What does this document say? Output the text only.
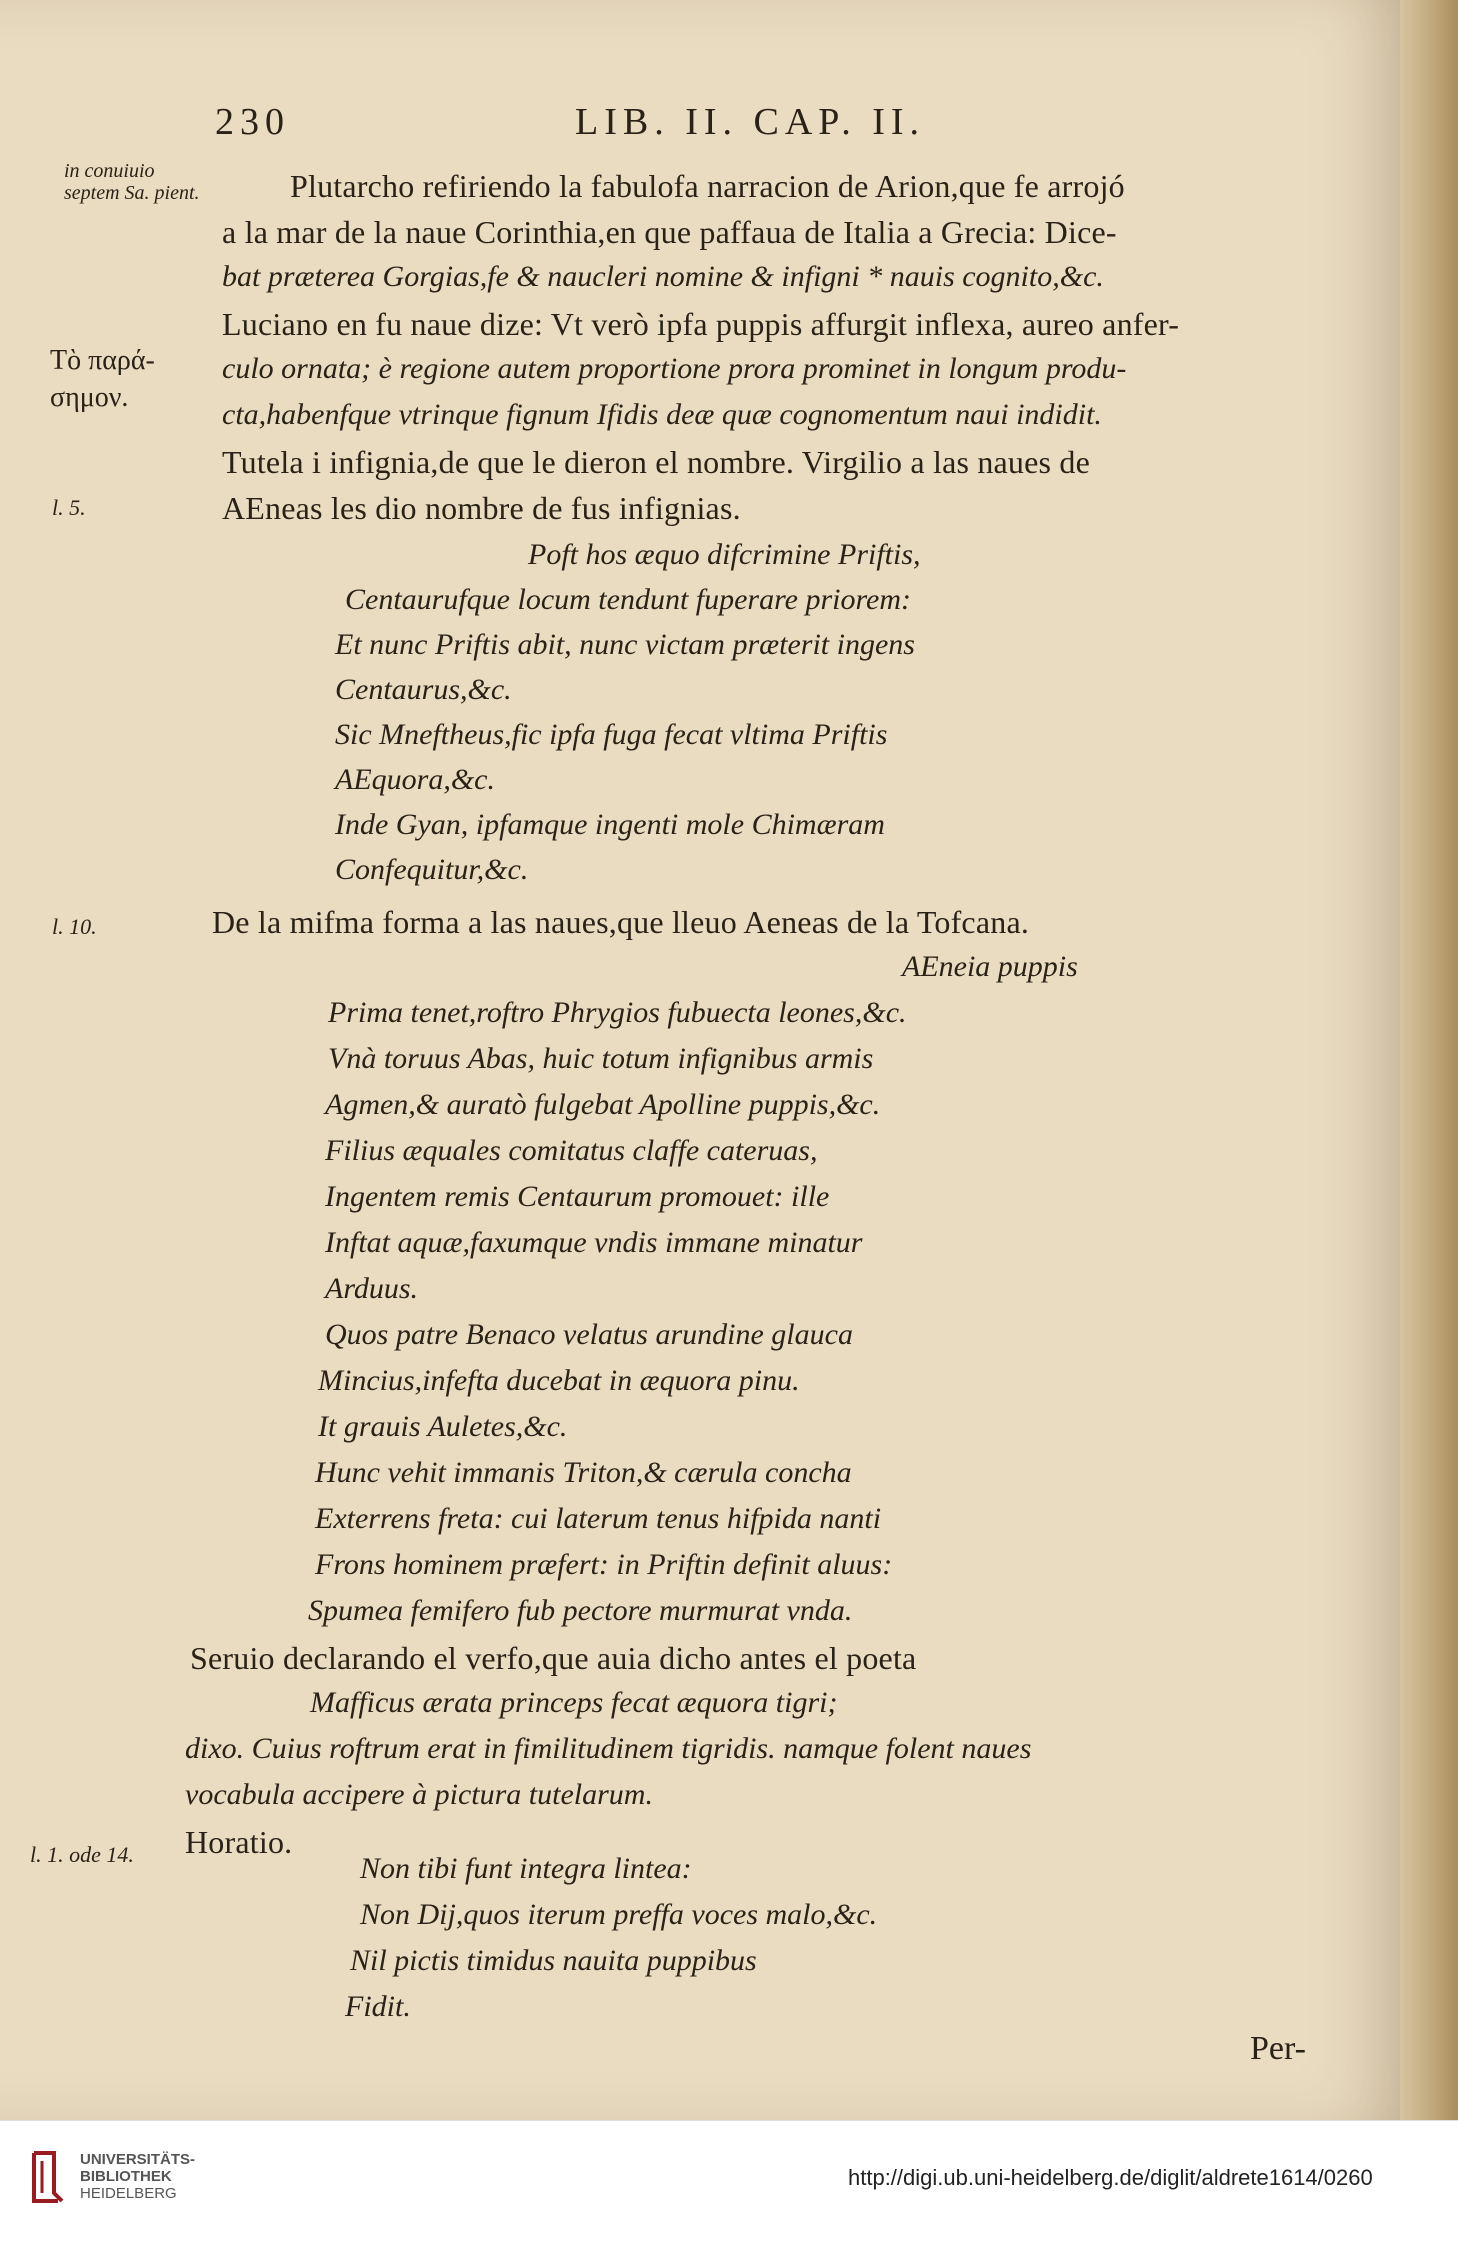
230	LIB. II. CAP. II.
in conuiuio septem Sa. pient.
Τὸ παρά-
σημον.
l. 5.
l. 10.
l. 1. ode 14.
Plutarcho refiriendo la fabulofa narracion de Arion,que fe arrojó
a la mar de la naue Corinthia,en que paffaua de Italia a Grecia: Dice-
bat præterea Gorgias,fe & naucleri nomine & infigni * nauis cognito,&c.
Luciano en fu naue dize: Vt verò ipfa puppis affurgit inflexa, aureo anfer-
culo ornata; è regione autem proportione prora prominet in longum produ-
cta,habenfque vtrinque fignum Ifidis deæ quæ cognomentum naui indidit.
Tutela i infignia,de que le dieron el nombre. Virgilio a las naues de
AEneas les dio nombre de fus infignias.
Poft hos æquo difcrimine Priftis,
Centaurufque locum tendunt fuperare priorem:
Et nunc Priftis abit, nunc victam præterit ingens
Centaurus,&c.
Sic Mneftheus,fic ipfa fuga fecat vltima Priftis
AEquora,&c.
Inde Gyan, ipfamque ingenti mole Chimæram
Confequitur,&c.
De la mifma forma a las naues,que lleuo Aeneas de la Tofcana.
AEneia puppis
Prima tenet,roftro Phrygios fubuecta leones,&c.
Vnà toruus Abas, huic totum infignibus armis
Agmen,& auratò fulgebat Apolline puppis,&c.
Filius æquales comitatus claffe cateruas,
Ingentem remis Centaurum promouet: ille
Inftat aquæ,faxumque vndis immane minatur
Arduus.
Quos patre Benaco velatus arundine glauca
Mincius,infefta ducebat in æquora pinu.
It grauis Auletes,&c.
Hunc vehit immanis Triton,& cærula concha
Exterrens freta: cui laterum tenus hifpida nanti
Frons hominem præfert: in Priftin definit aluus:
Spumea femifero fub pectore murmurat vnda.
Seruio declarando el verfo,que auia dicho antes el poeta
Mafficus ærata princeps fecat æquora tigri;
dixo. Cuius roftrum erat in fimilitudinem tigridis. namque folent naues
vocabula accipere à pictura tutelarum.
Horatio.
Non tibi funt integra lintea:
Non Dij,quos iterum preffa voces malo,&c.
Nil pictis timidus nauita puppibus
Fidit.
Per-
UNIVERSITÄTS-
BIBLIOTHEK
HEIDELBERG
http://digi.ub.uni-heidelberg.de/diglit/aldrete1614/0260
